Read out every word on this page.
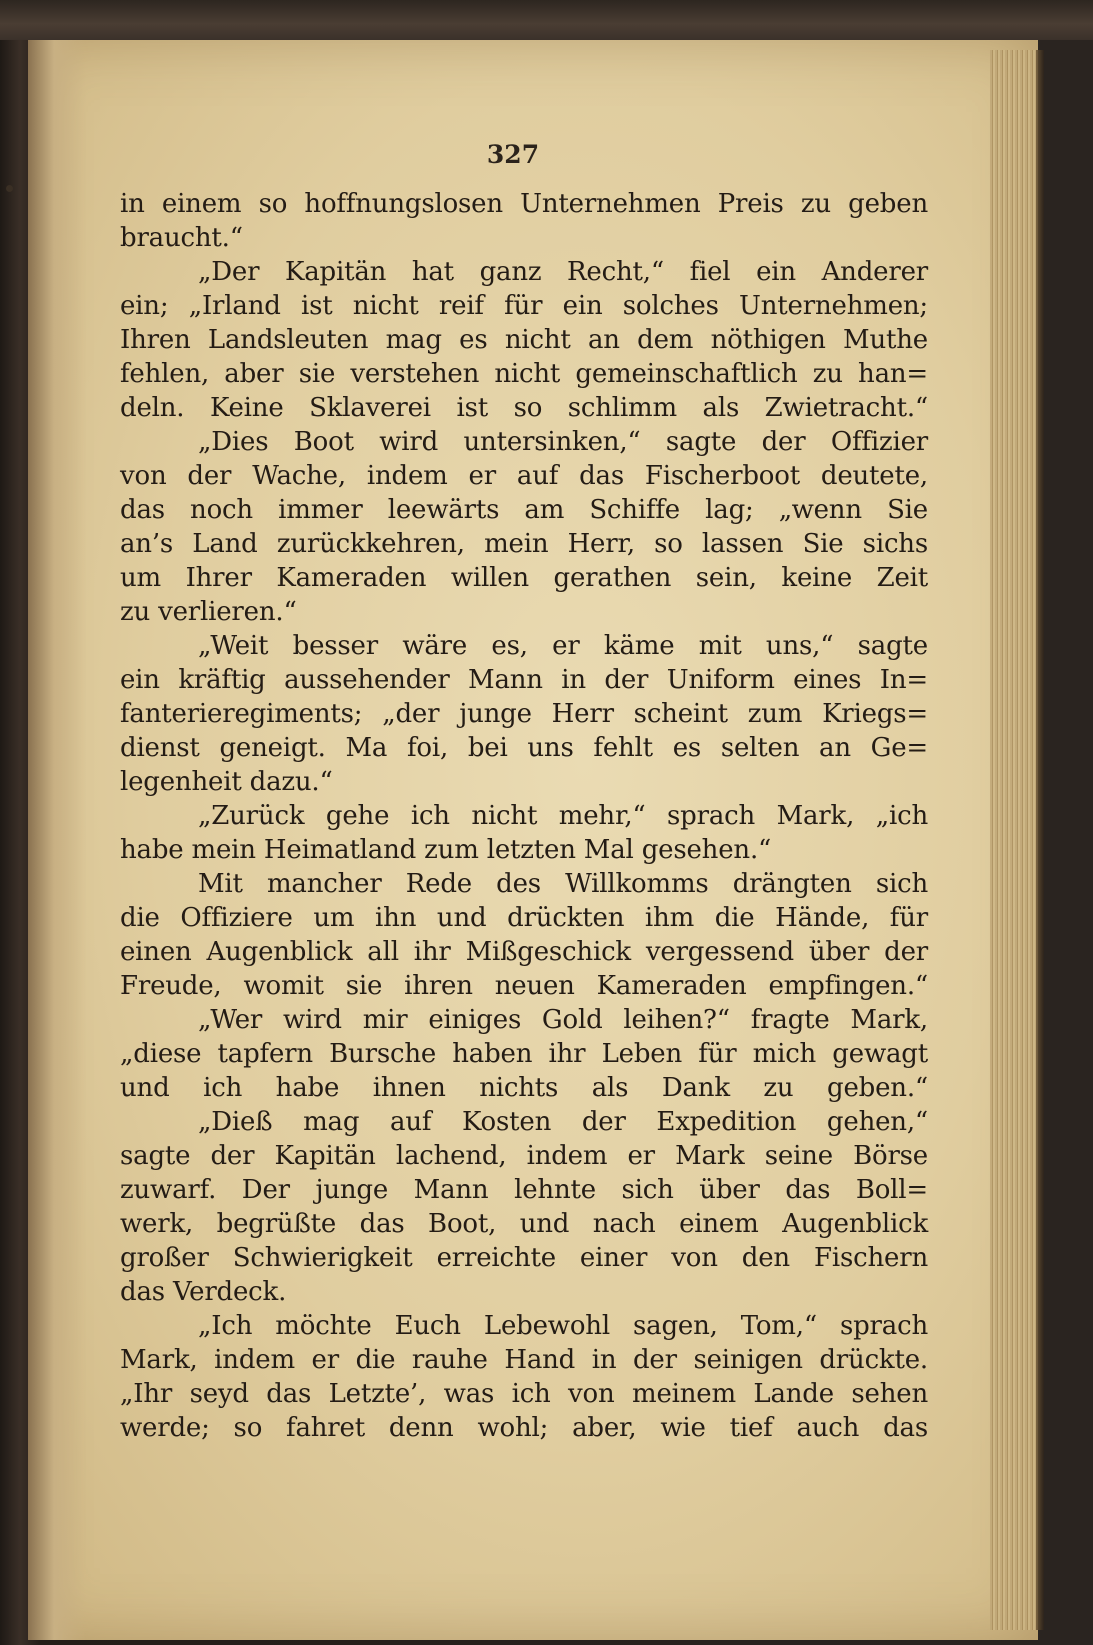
327
in einem so hoffnungslosen Unternehmen Preis zu geben
braucht.“
„Der Kapitän hat ganz Recht,“ fiel ein Anderer
ein; „Irland ist nicht reif für ein solches Unternehmen;
Ihren Landsleuten mag es nicht an dem nöthigen Muthe
fehlen, aber sie verstehen nicht gemeinschaftlich zu han=
deln. Keine Sklaverei ist so schlimm als Zwietracht.“
„Dies Boot wird untersinken,“ sagte der Offizier
von der Wache, indem er auf das Fischerboot deutete,
das noch immer leewärts am Schiffe lag; „wenn Sie
an’s Land zurückkehren, mein Herr, so lassen Sie sichs
um Ihrer Kameraden willen gerathen sein, keine Zeit
zu verlieren.“
„Weit besser wäre es, er käme mit uns,“ sagte
ein kräftig aussehender Mann in der Uniform eines In=
fanterieregiments; „der junge Herr scheint zum Kriegs=
dienst geneigt. Ma foi, bei uns fehlt es selten an Ge=
legenheit dazu.“
„Zurück gehe ich nicht mehr,“ sprach Mark, „ich
habe mein Heimatland zum letzten Mal gesehen.“
Mit mancher Rede des Willkomms drängten sich
die Offiziere um ihn und drückten ihm die Hände, für
einen Augenblick all ihr Mißgeschick vergessend über der
Freude, womit sie ihren neuen Kameraden empfingen.“
„Wer wird mir einiges Gold leihen?“ fragte Mark,
„diese tapfern Bursche haben ihr Leben für mich gewagt
und ich habe ihnen nichts als Dank zu geben.“
„Dieß mag auf Kosten der Expedition gehen,“
sagte der Kapitän lachend, indem er Mark seine Börse
zuwarf. Der junge Mann lehnte sich über das Boll=
werk, begrüßte das Boot, und nach einem Augenblick
großer Schwierigkeit erreichte einer von den Fischern
das Verdeck.
„Ich möchte Euch Lebewohl sagen, Tom,“ sprach
Mark, indem er die rauhe Hand in der seinigen drückte.
„Ihr seyd das Letzte’, was ich von meinem Lande sehen
werde; so fahret denn wohl; aber, wie tief auch das
